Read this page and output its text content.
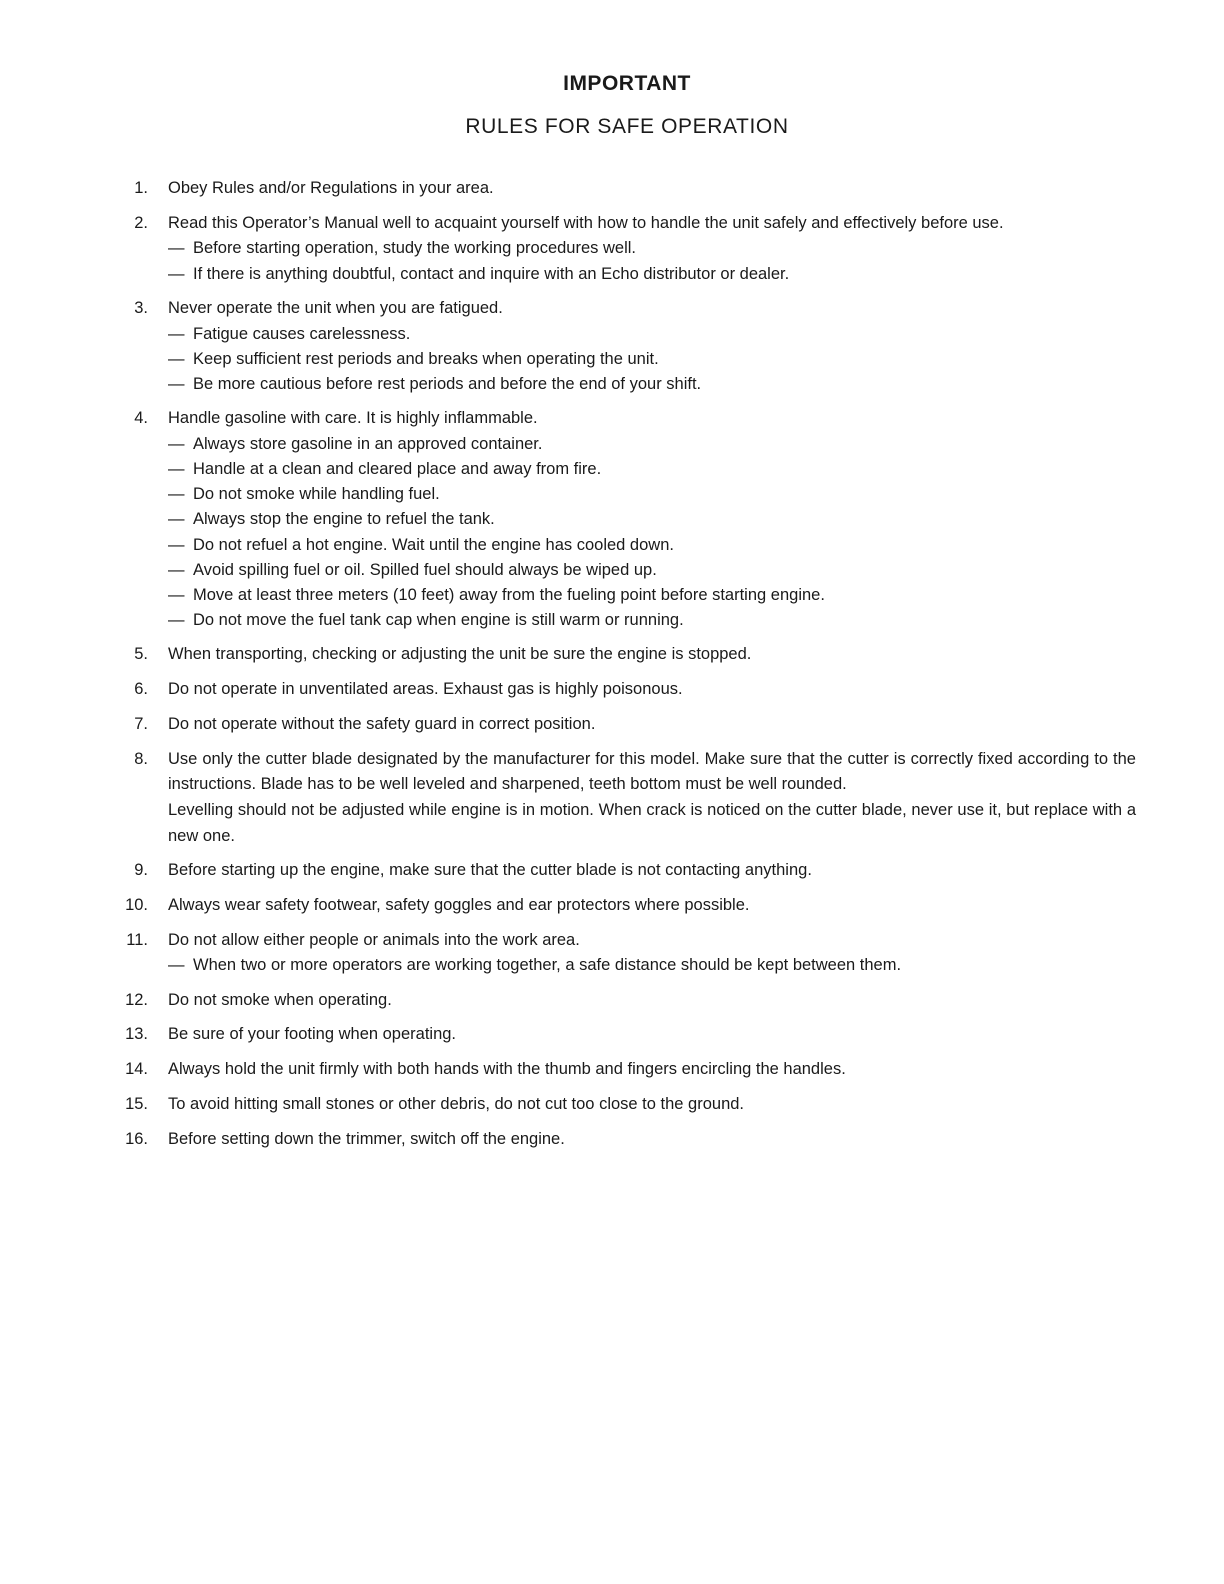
IMPORTANT
RULES FOR SAFE OPERATION
1. Obey Rules and/or Regulations in your area.

2. Read this Operator’s Manual well to acquaint yourself with how to handle the unit safely and effectively before use.

— Before starting operation, study the working procedures well.
— If there is anything doubtful, contact and inquire with an Echo distributor or dealer.
3. Never operate the unit when you are fatigued.

— Fatigue causes carelessness.
— Keep sufficient rest periods and breaks when operating the unit.
— Be more cautious before rest periods and before the end of your shift.
4. Handle gasoline with care. It is highly inflammable.

— Always store gasoline in an approved container.
— Handle at a clean and cleared place and away from fire.
— Do not smoke while handling fuel.
— Always stop the engine to refuel the tank.
— Do not refuel a hot engine. Wait until the engine has cooled down.
— Avoid spilling fuel or oil. Spilled fuel should always be wiped up.
— Move at least three meters (10 feet) away from the fueling point before starting engine.
— Do not move the fuel tank cap when engine is still warm or running.
5. When transporting, checking or adjusting the unit be sure the engine is stopped.

6. Do not operate in unventilated areas. Exhaust gas is highly poisonous.

7. Do not operate without the safety guard in correct position.

8. Use only the cutter blade designated by the manufacturer for this model. Make sure that the cutter is correctly fixed according to the instructions. Blade has to be well leveled and sharpened, teeth bottom must be well rounded.

Levelling should not be adjusted while engine is in motion. When crack is noticed on the cutter blade, never use it, but replace with a new one.

9. Before starting up the engine, make sure that the cutter blade is not contacting anything.

10. Always wear safety footwear, safety goggles and ear protectors where possible.

11. Do not allow either people or animals into the work area.

— When two or more operators are working together, a safe distance should be kept between them.
12. Do not smoke when operating.

13. Be sure of your footing when operating.

14. Always hold the unit firmly with both hands with the thumb and fingers encircling the handles.

15. To avoid hitting small stones or other debris, do not cut too close to the ground.

16. Before setting down the trimmer, switch off the engine.
